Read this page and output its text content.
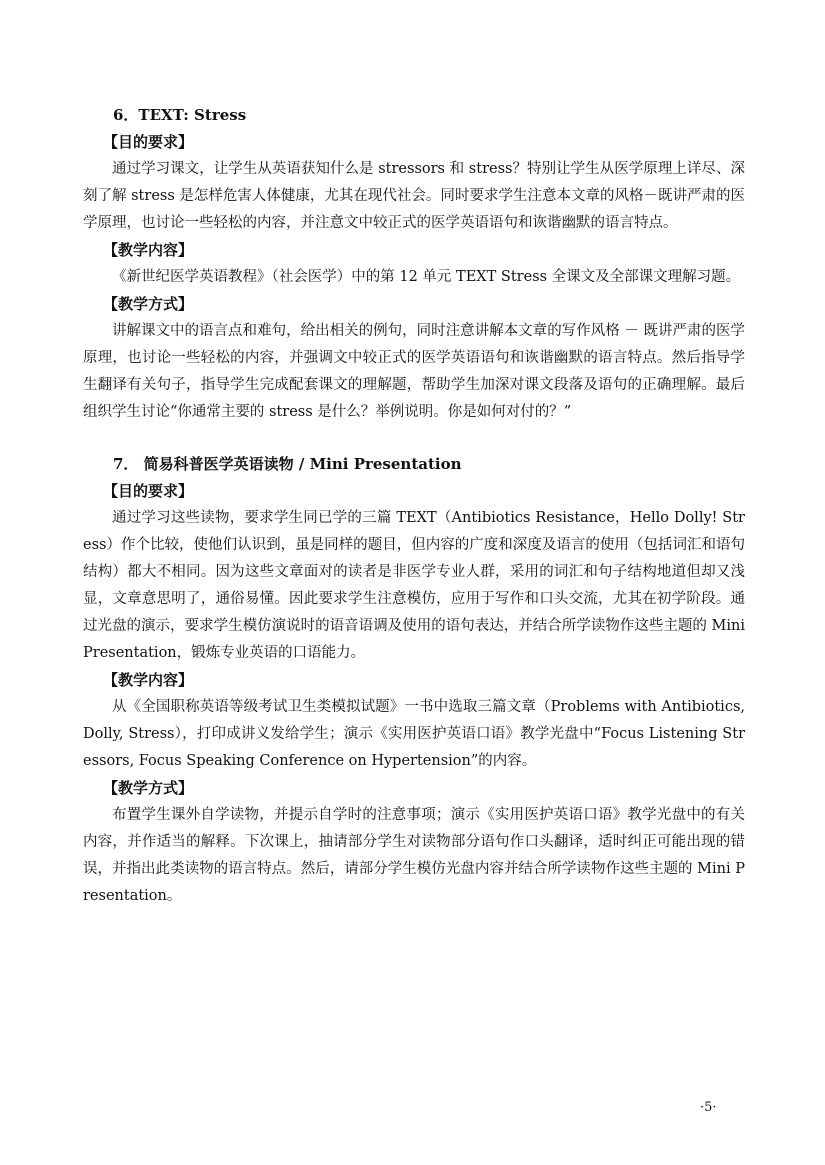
6．TEXT: Stress
【目的要求】

通过学习课文，让学生从英语获知什么是 stressors 和 stress？特别让学生从医学原理上详尽、深刻了解 stress 是怎样危害人体健康，尤其在现代社会。同时要求学生注意本文章的风格－既讲严肃的医学原理，也讨论一些轻松的内容，并注意文中较正式的医学英语语句和诙谐幽默的语言特点。

【教学内容】

《新世纪医学英语教程》（社会医学）中的第 12 单元 TEXT Stress 全课文及全部课文理解习题。

【教学方式】

讲解课文中的语言点和难句，给出相关的例句，同时注意讲解本文章的写作风格 － 既讲严肃的医学原理，也讨论一些轻松的内容，并强调文中较正式的医学英语语句和诙谐幽默的语言特点。然后指导学生翻译有关句子，指导学生完成配套课文的理解题，帮助学生加深对课文段落及语句的正确理解。最后组织学生讨论“你通常主要的 stress 是什么？举例说明。你是如何对付的？”

7． 简易科普医学英语读物 / Mini Presentation
【目的要求】

通过学习这些读物，要求学生同已学的三篇 TEXT（Antibiotics Resistance，Hello Dolly! Stress）作个比较，使他们认识到，虽是同样的题目，但内容的广度和深度及语言的使用（包括词汇和语句结构）都大不相同。因为这些文章面对的读者是非医学专业人群，采用的词汇和句子结构地道但却又浅显，文章意思明了，通俗易懂。因此要求学生注意模仿，应用于写作和口头交流，尤其在初学阶段。通过光盘的演示，要求学生模仿演说时的语音语调及使用的语句表达，并结合所学读物作这些主题的 Mini Presentation，锻炼专业英语的口语能力。

【教学内容】

从《全国职称英语等级考试卫生类模拟试题》一书中选取三篇文章（Problems with Antibiotics, Dolly, Stress），打印成讲义发给学生；演示《实用医护英语口语》教学光盘中“Focus Listening Stressors, Focus Speaking Conference on Hypertension”的内容。

【教学方式】

布置学生课外自学读物，并提示自学时的注意事项；演示《实用医护英语口语》教学光盘中的有关内容，并作适当的解释。下次课上，抽请部分学生对读物部分语句作口头翻译，适时纠正可能出现的错误，并指出此类读物的语言特点。然后，请部分学生模仿光盘内容并结合所学读物作这些主题的 Mini Presentation。

·5·
